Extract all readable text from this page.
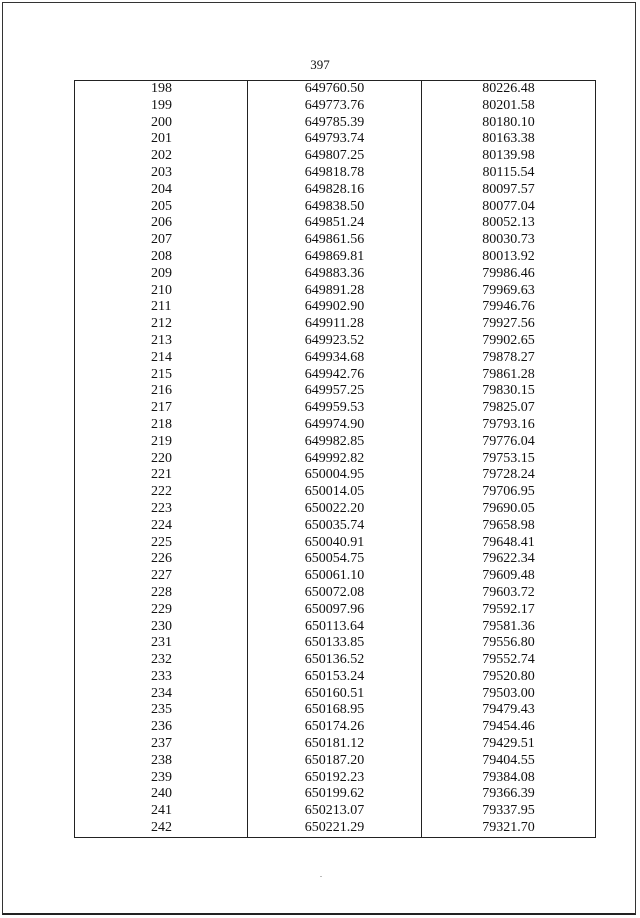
397
198	649760.50	80226.48
199	649773.76	80201.58
200	649785.39	80180.10
201	649793.74	80163.38
202	649807.25	80139.98
203	649818.78	80115.54
204	649828.16	80097.57
205	649838.50	80077.04
206	649851.24	80052.13
207	649861.56	80030.73
208	649869.81	80013.92
209	649883.36	79986.46
210	649891.28	79969.63
211	649902.90	79946.76
212	649911.28	79927.56
213	649923.52	79902.65
214	649934.68	79878.27
215	649942.76	79861.28
216	649957.25	79830.15
217	649959.53	79825.07
218	649974.90	79793.16
219	649982.85	79776.04
220	649992.82	79753.15
221	650004.95	79728.24
222	650014.05	79706.95
223	650022.20	79690.05
224	650035.74	79658.98
225	650040.91	79648.41
226	650054.75	79622.34
227	650061.10	79609.48
228	650072.08	79603.72
229	650097.96	79592.17
230	650113.64	79581.36
231	650133.85	79556.80
232	650136.52	79552.74
233	650153.24	79520.80
234	650160.51	79503.00
235	650168.95	79479.43
236	650174.26	79454.46
237	650181.12	79429.51
238	650187.20	79404.55
239	650192.23	79384.08
240	650199.62	79366.39
241	650213.07	79337.95
242	650221.29	79321.70
